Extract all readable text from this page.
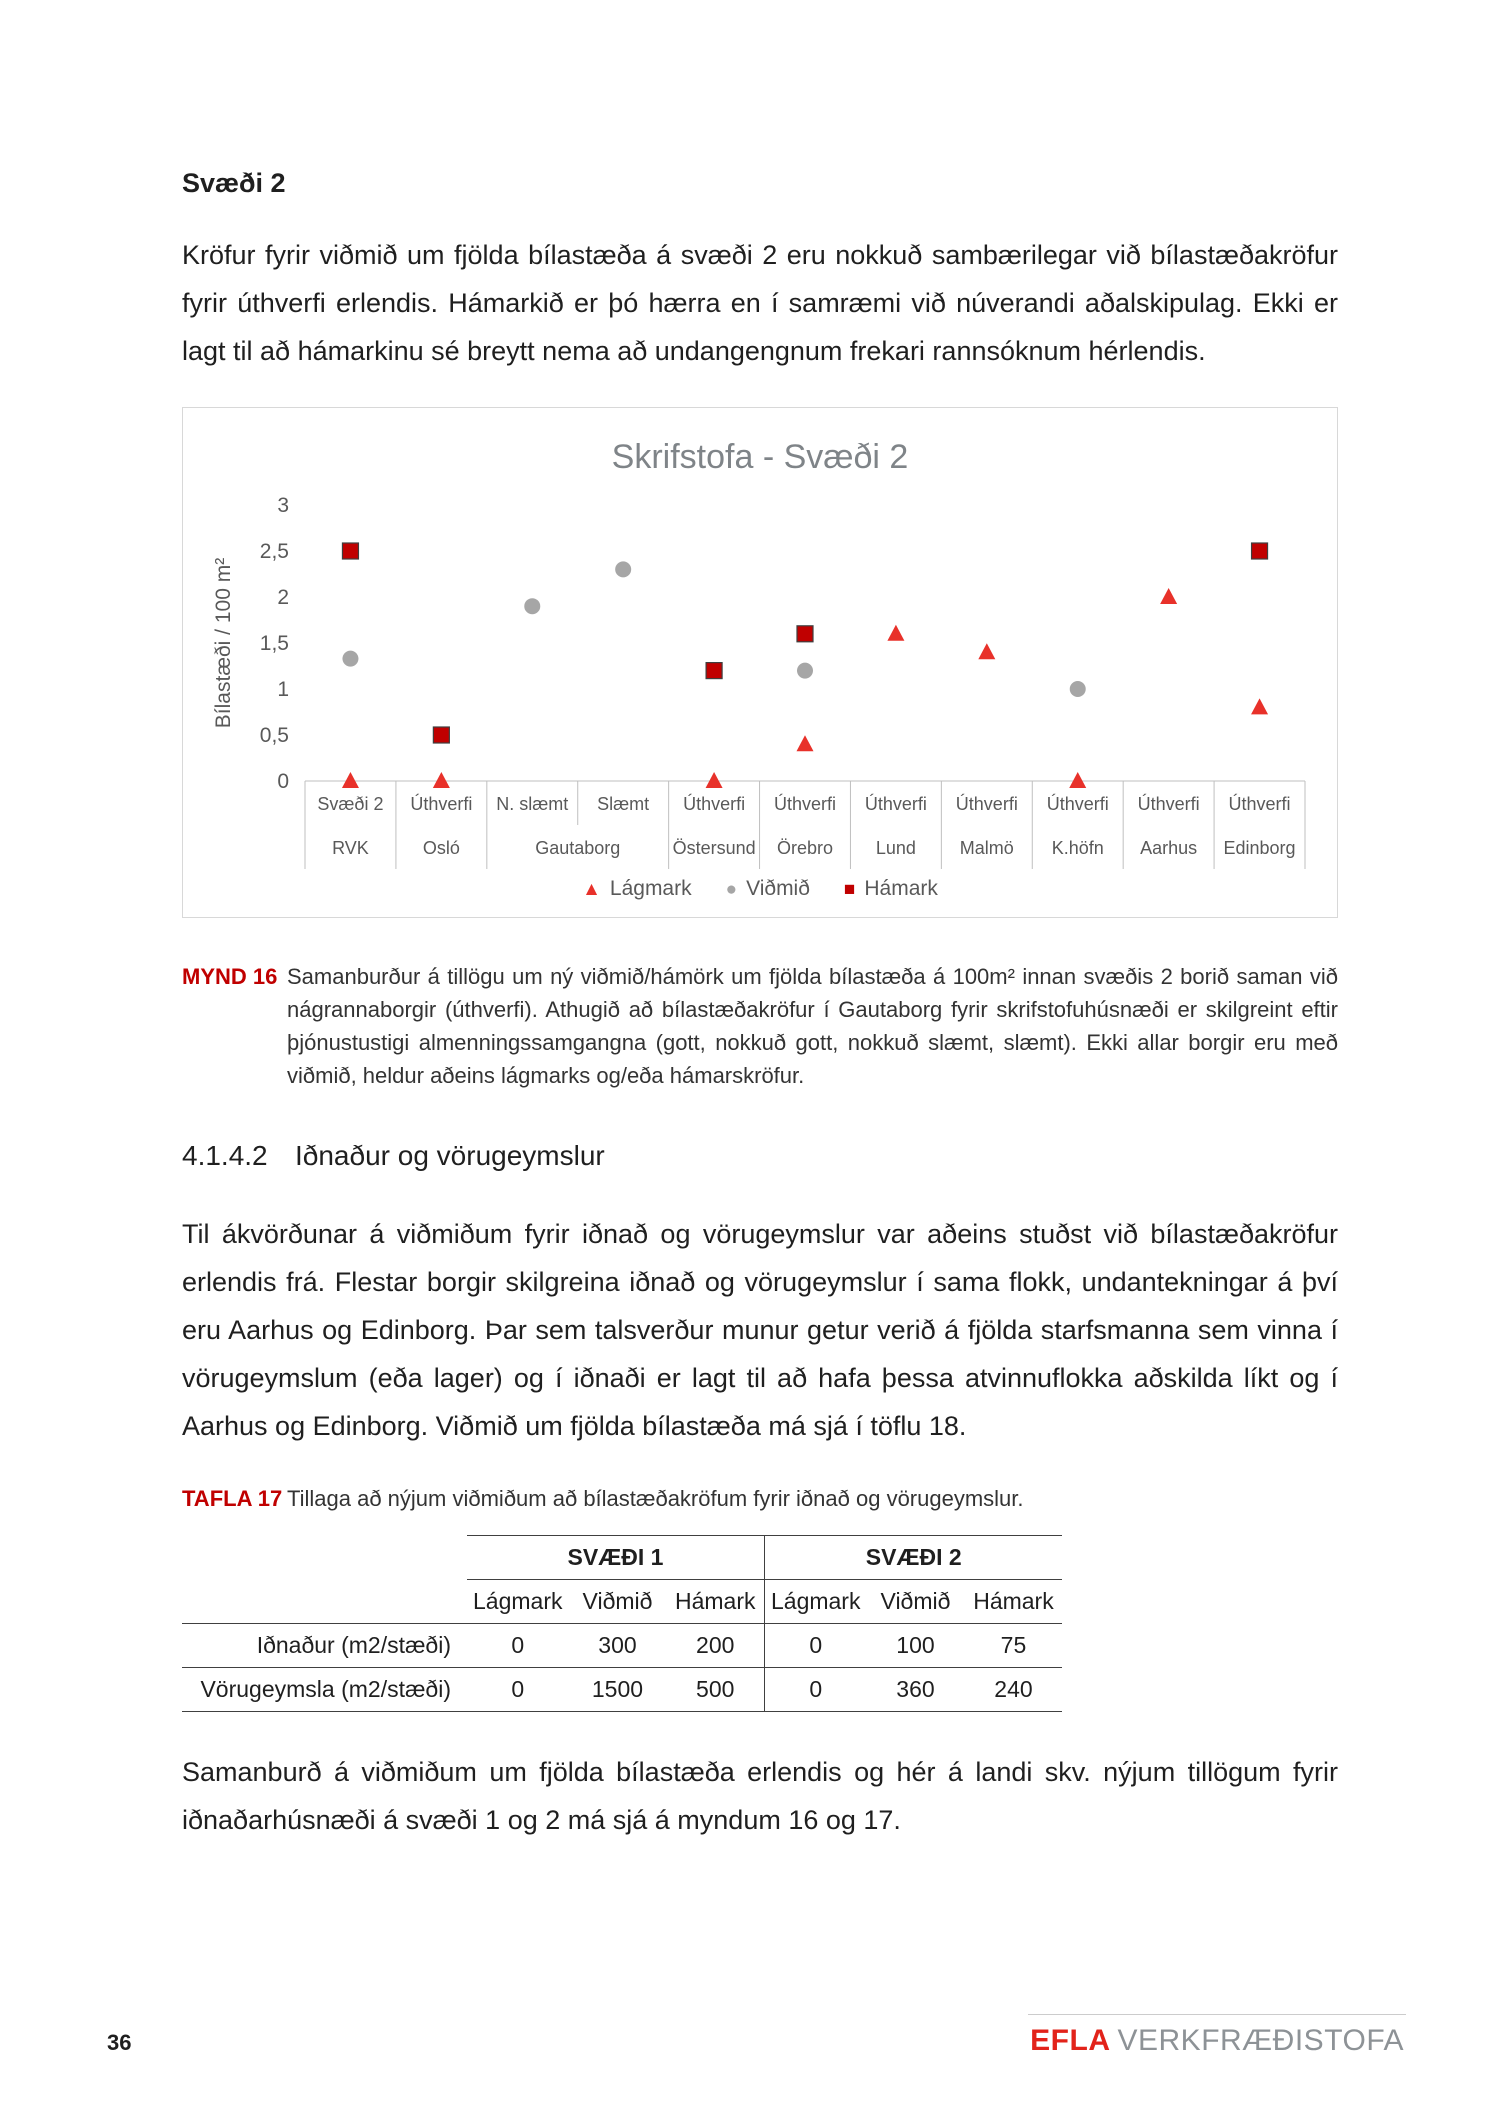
Svæði 2

Kröfur fyrir viðmið um fjölda bílastæða á svæði 2 eru nokkuð sambærilegar við bílastæðakröfur fyrir úthverfi erlendis. Hámarkið er þó hærra en í samræmi við núverandi aðalskipulag. Ekki er lagt til að hámarkinu sé breytt nema að undangengnum frekari rannsóknum hérlendis.

Skrifstofa - Svæði 2
0
0,5
1
1,5
2
2,5
3
Bílastæði / 100 m²
Svæði 2 Úthverfi N. slæmt Slæmt Úthverfi Úthverfi Úthverfi Úthverfi Úthverfi Úthverfi Úthverfi
RVK	Osló	Gautaborg	Östersund Örebro Lund Malmö K.höfn Aarhus Edinborg
▲ Lágmark ● Viðmið ■ Hámark
MYND 16 Samanburður á tillögu um ný viðmið/hámörk um fjölda bílastæða á 100m² innan svæðis 2 borið saman við nágrannaborgir (úthverfi). Athugið að bílastæðakröfur í Gautaborg fyrir skrifstofuhúsnæði er skilgreint eftir þjónustustigi almenningssamgangna (gott, nokkuð gott, nokkuð slæmt, slæmt). Ekki allar borgir eru með viðmið, heldur aðeins lágmarks og/eða hámarskröfur.
4.1.4.2 Iðnaður og vörugeymslur

Til ákvörðunar á viðmiðum fyrir iðnað og vörugeymslur var aðeins stuðst við bílastæðakröfur erlendis frá. Flestar borgir skilgreina iðnað og vörugeymslur í sama flokk, undantekningar á því eru Aarhus og Edinborg. Þar sem talsverður munur getur verið á fjölda starfsmanna sem vinna í vörugeymslum (eða lager) og í iðnaði er lagt til að hafa þessa atvinnuflokka aðskilda líkt og í Aarhus og Edinborg. Viðmið um fjölda bílastæða má sjá í töflu 18.

TAFLA 17 Tillaga að nýjum viðmiðum að bílastæðakröfum fyrir iðnað og vörugeymslur.
	SVÆÐI 1			SVÆÐI 2		
	Lágmark	Viðmið	Hámark	Lágmark	Viðmið	Hámark
Iðnaður (m2/stæði)	0	300	200	0	100	75
Vörugeymsla (m2/stæði)	0	1500	500	0	360	240

Samanburð á viðmiðum um fjölda bílastæða erlendis og hér á landi skv. nýjum tillögum fyrir iðnaðarhúsnæði á svæði 1 og 2 má sjá á myndum 16 og 17.

36	EFLA VERKFRÆÐISTOFA
